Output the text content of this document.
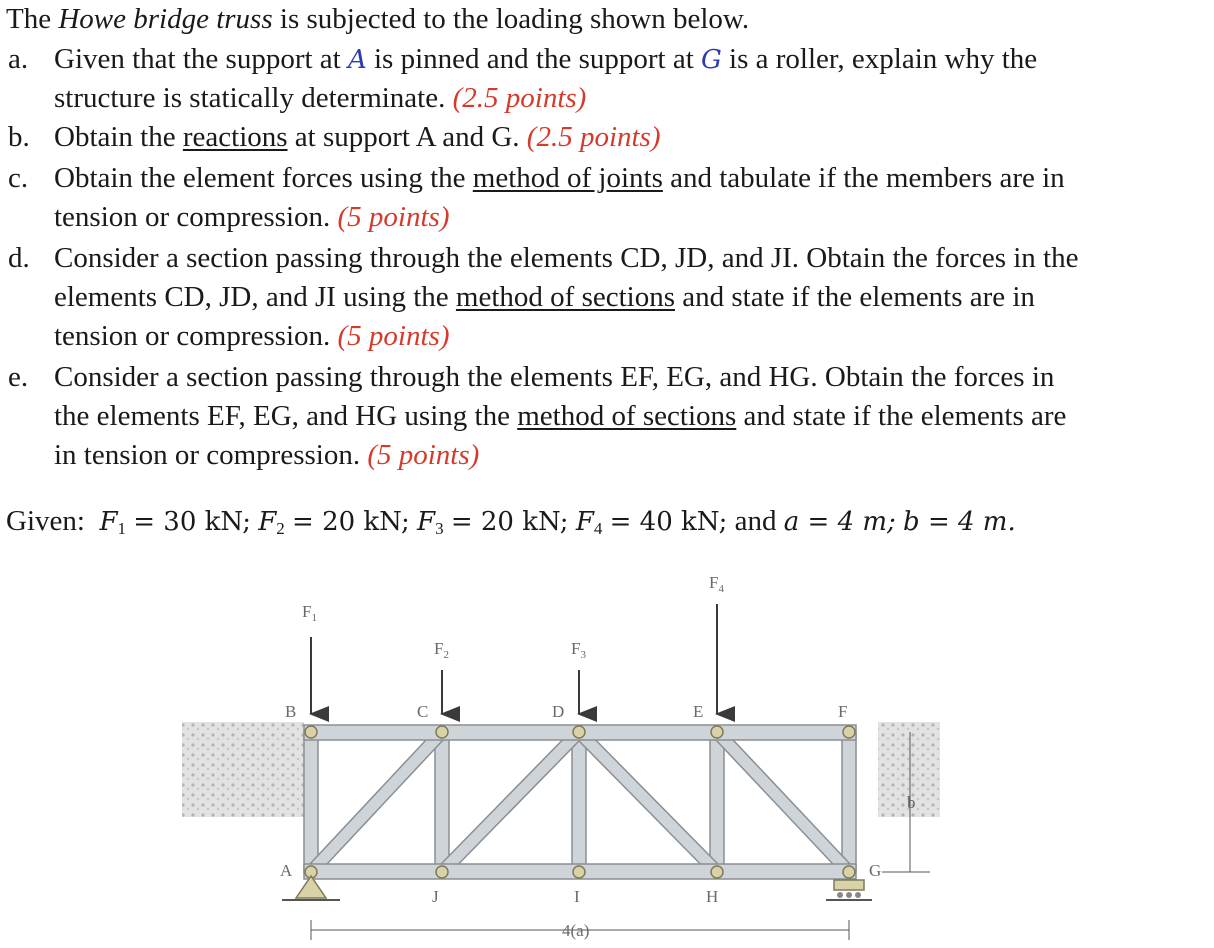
The Howe bridge truss is subjected to the loading shown below.
a. Given that the support at A is pinned and the support at G is a roller, explain why the
structure is statically determinate. (2.5 points)
b. Obtain the reactions at support A and G. (2.5 points)
c. Obtain the element forces using the method of joints and tabulate if the members are in
tension or compression. (5 points)
d. Consider a section passing through the elements CD, JD, and JI. Obtain the forces in the
elements CD, JD, and JI using the method of sections and state if the elements are in
tension or compression. (5 points)
e. Consider a section passing through the elements EF, EG, and HG. Obtain the forces in
the elements EF, EG, and HG using the method of sections and state if the elements are
in tension or compression. (5 points)
Given: $F_1 = 30$ kN; $F_2 = 20$ kN; $F_3 = 20$ kN; $F_4 = 40$ kN; and a = 4 m; b = 4 m.
$F_1$
$F_2$	$F_3$
$F_4$
B	C	D	E	F
A
J	I	H
G
b
4(a)
